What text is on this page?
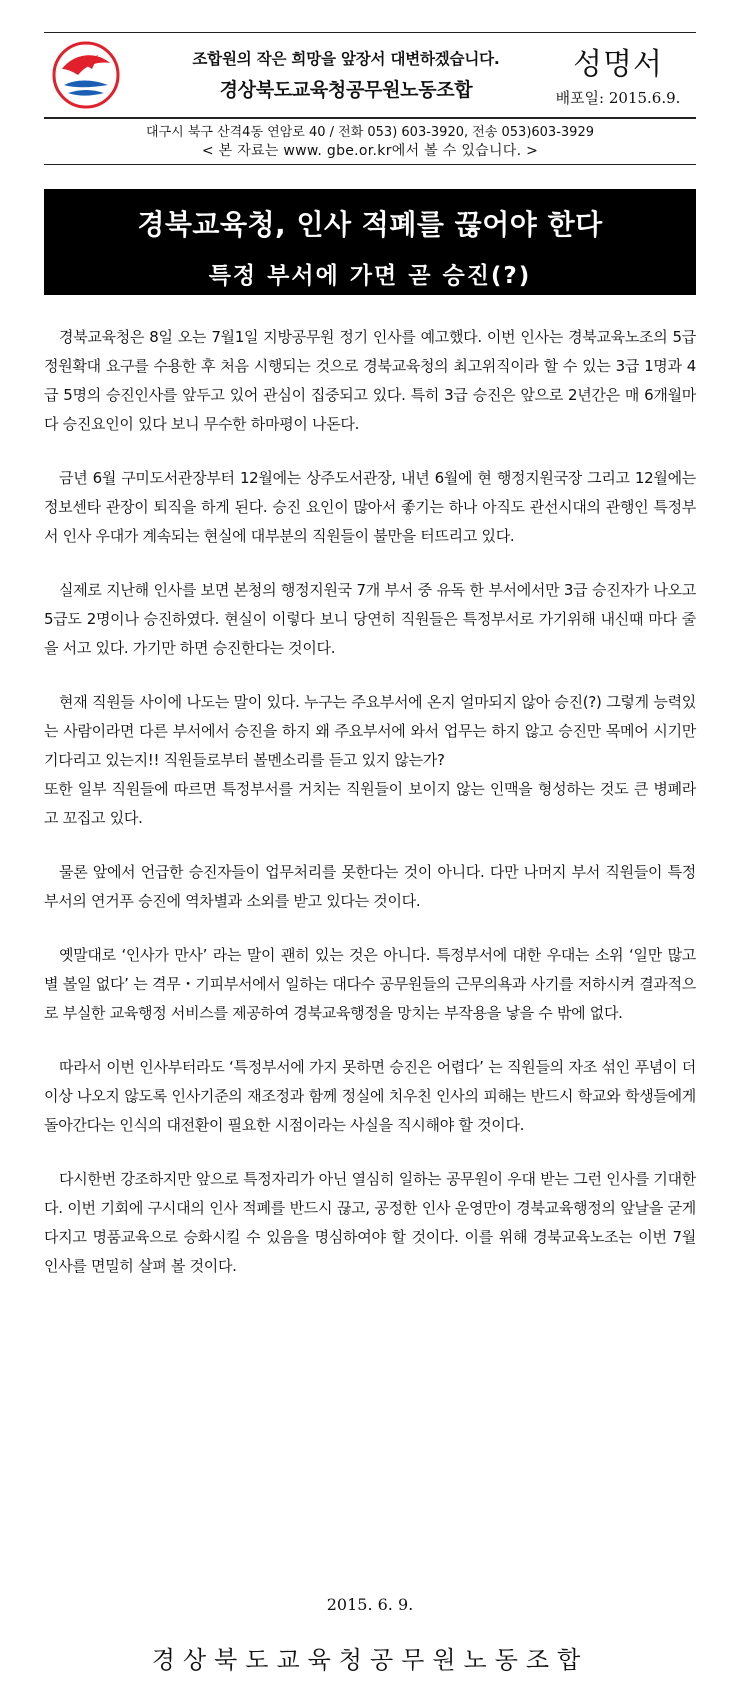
조합원의 작은 희망을 앞장서 대변하겠습니다.
경상북도교육청공무원노동조합
성명서
배포일: 2015.6.9.
대구시 북구 산격4동 연암로 40 / 전화 053) 603-3920, 전송 053)603-3929
< 본 자료는 www. gbe.or.kr에서 볼 수 있습니다. >
경북교육청, 인사 적폐를 끊어야 한다
특정 부서에 가면 곧 승진(?)

경북교육청은 8일 오는 7월1일 지방공무원 정기 인사를 예고했다. 이번 인사는 경북교육노조의 5급 정원확대 요구를 수용한 후 처음 시행되는 것으로 경북교육청의 최고위직이라 할 수 있는 3급 1명과 4급 5명의 승진인사를 앞두고 있어 관심이 집중되고 있다. 특히 3급 승진은 앞으로 2년간은 매 6개월마다 승진요인이 있다 보니 무수한 하마평이 나돈다.

금년 6월 구미도서관장부터 12월에는 상주도서관장, 내년 6월에 현 행정지원국장 그리고 12월에는 정보센타 관장이 퇴직을 하게 된다. 승진 요인이 많아서 좋기는 하나 아직도 관선시대의 관행인 특정부서 인사 우대가 계속되는 현실에 대부분의 직원들이 불만을 터뜨리고 있다.

실제로 지난해 인사를 보면 본청의 행정지원국 7개 부서 중 유독 한 부서에서만 3급 승진자가 나오고 5급도 2명이나 승진하였다. 현실이 이렇다 보니 당연히 직원들은 특정부서로 가기위해 내신때 마다 줄을 서고 있다. 가기만 하면 승진한다는 것이다.

현재 직원들 사이에 나도는 말이 있다. 누구는 주요부서에 온지 얼마되지 않아 승진(?) 그렇게 능력있는 사람이라면 다른 부서에서 승진을 하지 왜 주요부서에 와서 업무는 하지 않고 승진만 목메어 시기만 기다리고 있는지!! 직원들로부터 볼멘소리를 듣고 있지 않는가?

또한 일부 직원들에 따르면 특정부서를 거치는 직원들이 보이지 않는 인맥을 형성하는 것도 큰 병폐라고 꼬집고 있다.

물론 앞에서 언급한 승진자들이 업무처리를 못한다는 것이 아니다. 다만 나머지 부서 직원들이 특정부서의 연거푸 승진에 역차별과 소외를 받고 있다는 것이다.

옛말대로 ‘인사가 만사’ 라는 말이 괜히 있는 것은 아니다. 특정부서에 대한 우대는 소위 ‘일만 많고 별 볼일 없다’ 는 격무・기피부서에서 일하는 대다수 공무원들의 근무의욕과 사기를 저하시켜 결과적으로 부실한 교육행정 서비스를 제공하여 경북교육행정을 망치는 부작용을 낳을 수 밖에 없다.

따라서 이번 인사부터라도 ‘특정부서에 가지 못하면 승진은 어렵다’ 는 직원들의 자조 섞인 푸념이 더 이상 나오지 않도록 인사기준의 재조정과 함께 정실에 치우친 인사의 피해는 반드시 학교와 학생들에게 돌아간다는 인식의 대전환이 필요한 시점이라는 사실을 직시해야 할 것이다.

다시한번 강조하지만 앞으로 특정자리가 아닌 열심히 일하는 공무원이 우대 받는 그런 인사를 기대한다. 이번 기회에 구시대의 인사 적폐를 반드시 끊고, 공정한 인사 운영만이 경북교육행정의 앞날을 굳게 다지고 명품교육으로 승화시킬 수 있음을 명심하여야 할 것이다. 이를 위해 경북교육노조는 이번 7월 인사를 면밀히 살펴 볼 것이다.

2015. 6. 9.
경상북도교육청공무원노동조합
